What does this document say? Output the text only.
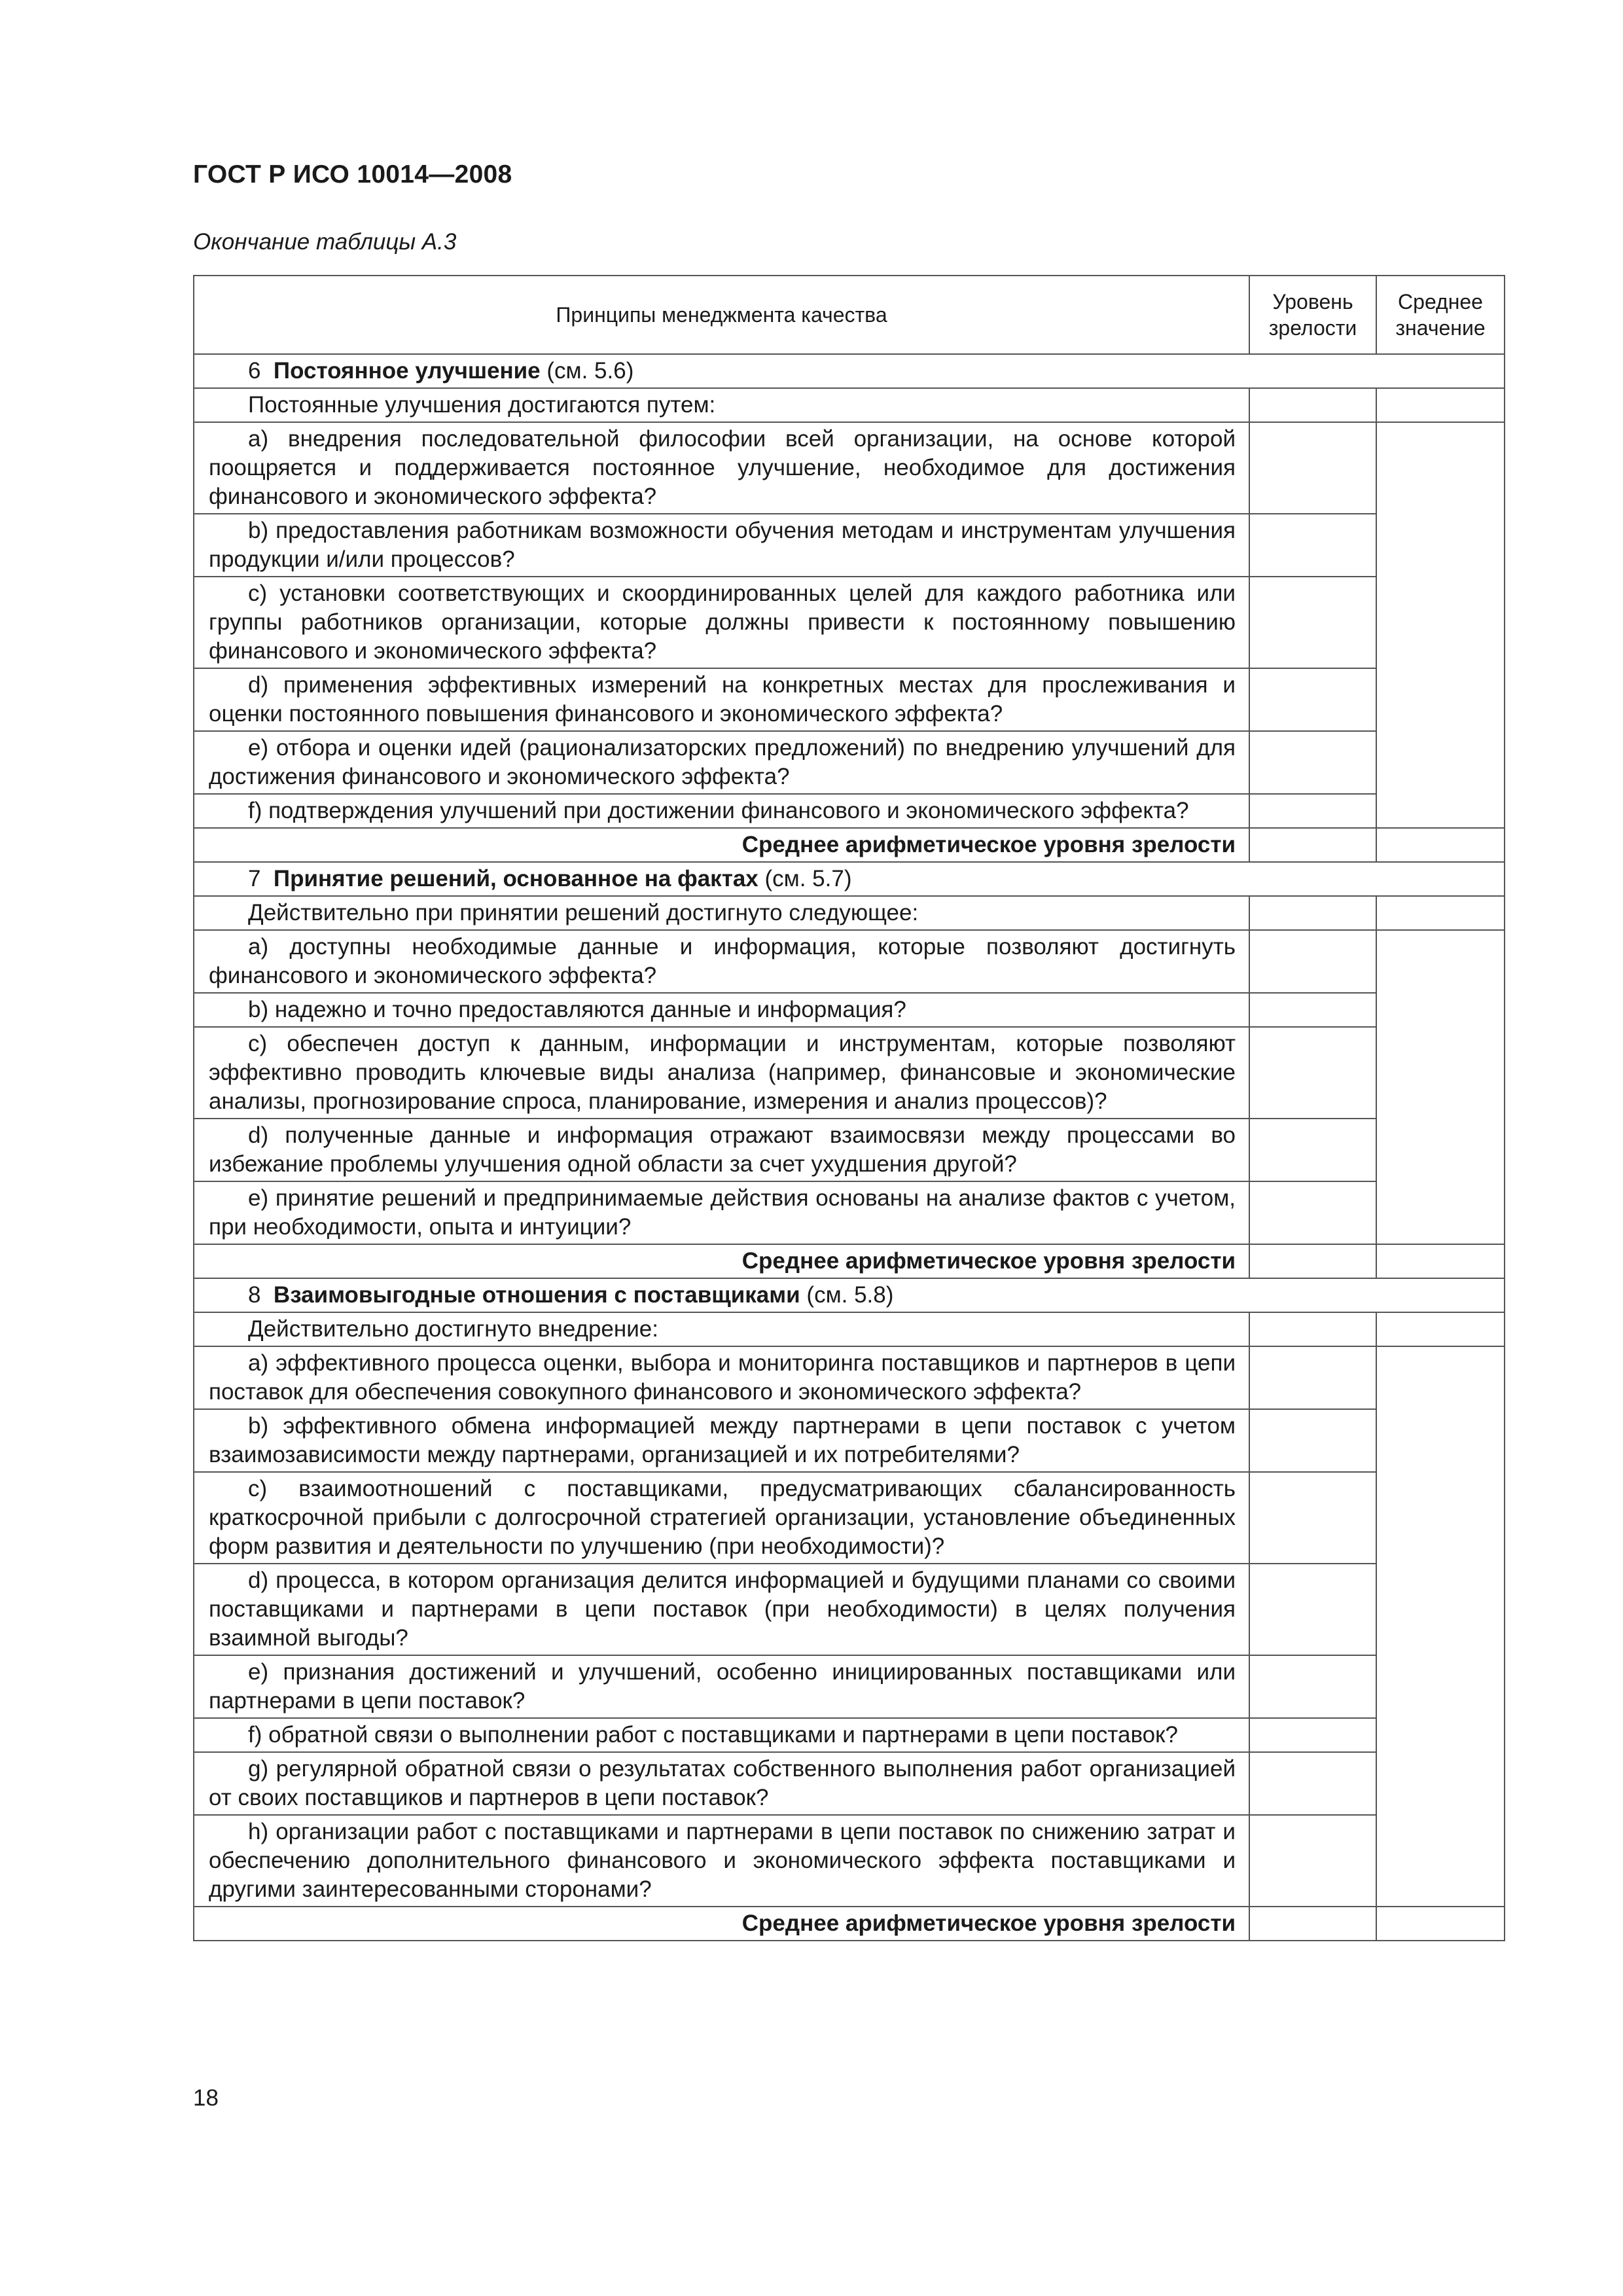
ГОСТ Р ИСО 10014—2008
Окончание таблицы А.3
Принципы менеджмента качества	Уровень зрелости	Среднее значение
6 Постоянное улучшение (см. 5.6)		
Постоянные улучшения достигаются путем:		
a) внедрения последовательной философии всей организации, на основе которой поощряется и поддерживается постоянное улучшение, необходимое для достижения финансового и экономического эффекта?		
b) предоставления работникам возможности обучения методам и инструментам улучшения продукции и/или процессов?		
c) установки соответствующих и скоординированных целей для каждого работника или группы работников организации, которые должны привести к постоянному повышению финансового и экономического эффекта?		
d) применения эффективных измерений на конкретных местах для прослеживания и оценки постоянного повышения финансового и экономического эффекта?		
e) отбора и оценки идей (рационализаторских предложений) по внедрению улучшений для достижения финансового и экономического эффекта?		
f) подтверждения улучшений при достижении финансового и экономического эффекта?		
Среднее арифметическое уровня зрелости		
7 Принятие решений, основанное на фактах (см. 5.7)		
Действительно при принятии решений достигнуто следующее:		
a) доступны необходимые данные и информация, которые позволяют достигнуть финансового и экономического эффекта?		
b) надежно и точно предоставляются данные и информация?		
c) обеспечен доступ к данным, информации и инструментам, которые позволяют эффективно проводить ключевые виды анализа (например, финансовые и экономические анализы, прогнозирование спроса, планирование, измерения и анализ процессов)?		
d) полученные данные и информация отражают взаимосвязи между процессами во избежание проблемы улучшения одной области за счет ухудшения другой?		
e) принятие решений и предпринимаемые действия основаны на анализе фактов с учетом, при необходимости, опыта и интуиции?		
Среднее арифметическое уровня зрелости		
8 Взаимовыгодные отношения с поставщиками (см. 5.8)		
Действительно достигнуто внедрение:		
a) эффективного процесса оценки, выбора и мониторинга поставщиков и партнеров в цепи поставок для обеспечения совокупного финансового и экономического эффекта?		
b) эффективного обмена информацией между партнерами в цепи поставок с учетом взаимозависимости между партнерами, организацией и их потребителями?		
c) взаимоотношений с поставщиками, предусматривающих сбалансированность краткосрочной прибыли с долгосрочной стратегией организации, установление объединенных форм развития и деятельности по улучшению (при необходимости)?		
d) процесса, в котором организация делится информацией и будущими планами со своими поставщиками и партнерами в цепи поставок (при необходимости) в целях получения взаимной выгоды?		
e) признания достижений и улучшений, особенно инициированных поставщиками или партнерами в цепи поставок?		
f) обратной связи о выполнении работ с поставщиками и партнерами в цепи поставок?		
g) регулярной обратной связи о результатах собственного выполнения работ организацией от своих поставщиков и партнеров в цепи поставок?		
h) организации работ с поставщиками и партнерами в цепи поставок по снижению затрат и обеспечению дополнительного финансового и экономического эффекта поставщиками и другими заинтересованными сторонами?		
Среднее арифметическое уровня зрелости		
18
